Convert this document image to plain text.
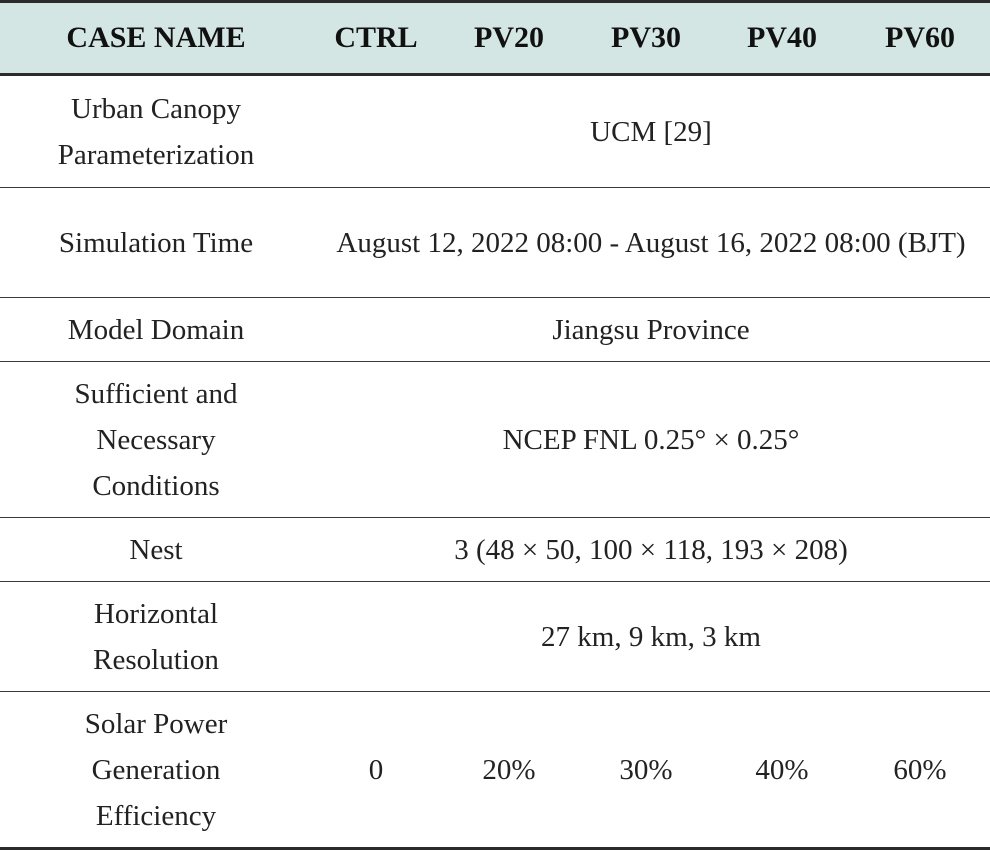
CASE NAME	CTRL	PV20	PV30	PV40	PV60
Urban Canopy Parameterization	UCM [29]				
Simulation Time	August 12, 2022 08:00 - August 16, 2022 08:00 (BJT)				
Model Domain	Jiangsu Province				
Sufficient and Necessary Conditions	NCEP FNL 0.25° × 0.25°				
Nest	3 (48 × 50, 100 × 118, 193 × 208)				
Horizontal Resolution	27 km, 9 km, 3 km				
Solar Power Generation Efficiency	0	20%	30%	40%	60%
